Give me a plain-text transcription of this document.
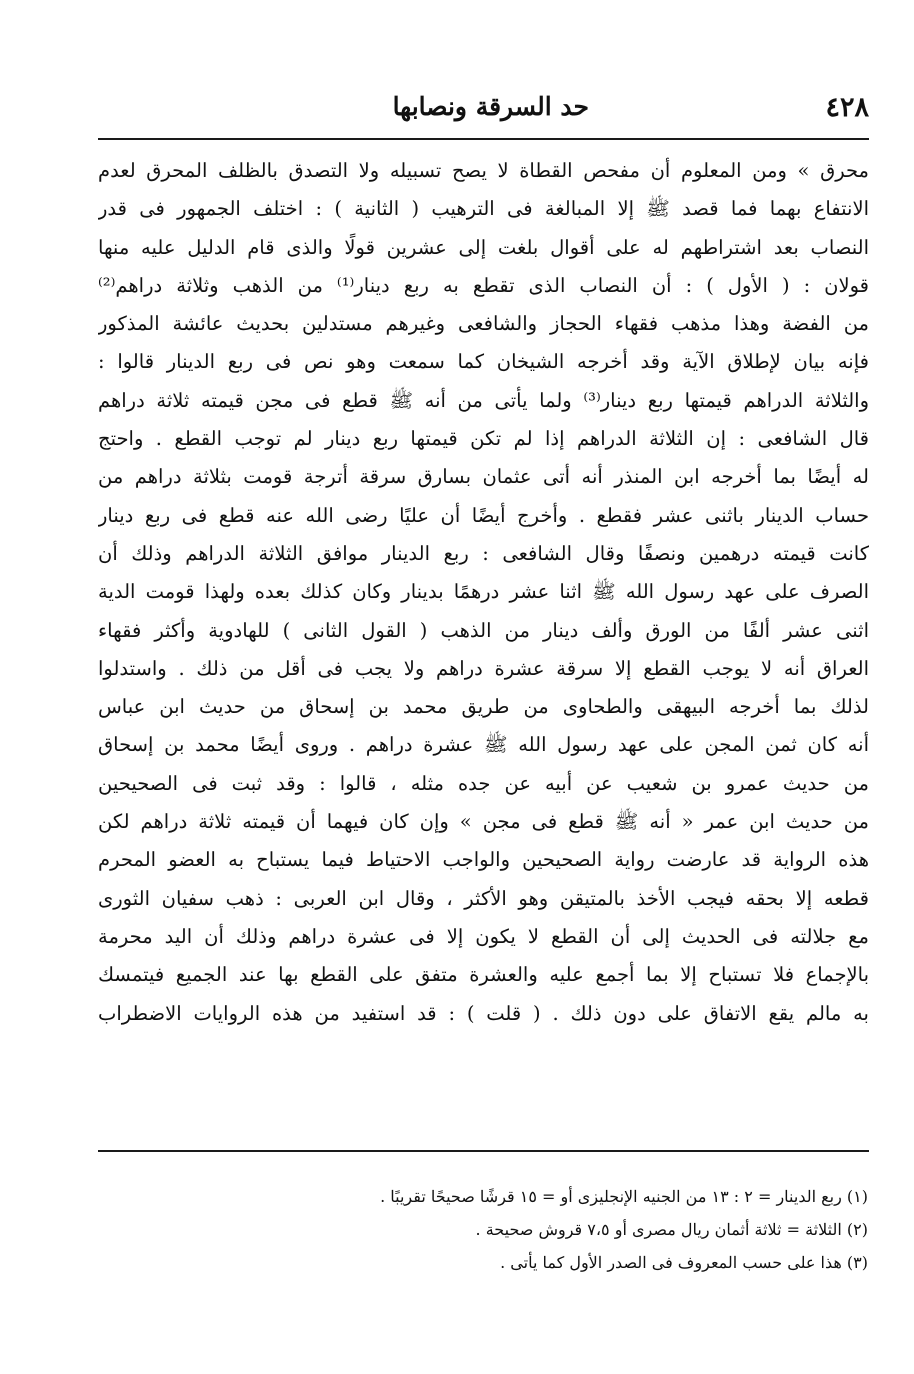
٤٢٨
حد السرقة ونصابها
محرق » ومن المعلوم أن مفحص القطاة لا يصح تسبيله ولا التصدق بالظلف المحرق لعدم
الانتفاع بهما فما قصد ﷺ إلا المبالغة فى الترهيب ( الثانية ) : اختلف الجمهور فى قدر
النصاب بعد اشتراطهم له على أقوال بلغت إلى عشرين قولًا والذى قام الدليل عليه منها
قولان : ( الأول ) : أن النصاب الذى تقطع به ربع دينار⁽¹⁾ من الذهب وثلاثة دراهم⁽²⁾
من الفضة وهذا مذهب فقهاء الحجاز والشافعى وغيرهم مستدلين بحديث عائشة المذكور
فإنه بيان لإطلاق الآية وقد أخرجه الشيخان كما سمعت وهو نص فى ربع الدينار قالوا :
والثلاثة الدراهم قيمتها ربع دينار⁽³⁾ ولما يأتى من أنه ﷺ قطع فى مجن قيمته ثلاثة دراهم
قال الشافعى : إن الثلاثة الدراهم إذا لم تكن قيمتها ربع دينار لم توجب القطع . واحتج
له أيضًا بما أخرجه ابن المنذر أنه أتى عثمان بسارق سرقة أترجة قومت بثلاثة دراهم من
حساب الدينار باثنى عشر فقطع . وأخرج أيضًا أن عليًا رضى الله عنه قطع فى ربع دينار
كانت قيمته درهمين ونصفًا وقال الشافعى : ربع الدينار موافق الثلاثة الدراهم وذلك أن
الصرف على عهد رسول الله ﷺ اثنا عشر درهمًا بدينار وكان كذلك بعده ولهذا قومت الدية
اثنى عشر ألفًا من الورق وألف دينار من الذهب ( القول الثانى ) للهادوية وأكثر فقهاء
العراق أنه لا يوجب القطع إلا سرقة عشرة دراهم ولا يجب فى أقل من ذلك . واستدلوا
لذلك بما أخرجه البيهقى والطحاوى من طريق محمد بن إسحاق من حديث ابن عباس
أنه كان ثمن المجن على عهد رسول الله ﷺ عشرة دراهم . وروى أيضًا محمد بن إسحاق
من حديث عمرو بن شعيب عن أبيه عن جده مثله ، قالوا : وقد ثبت فى الصحيحين
من حديث ابن عمر « أنه ﷺ قطع فى مجن » وإن كان فيهما أن قيمته ثلاثة دراهم لكن
هذه الرواية قد عارضت رواية الصحيحين والواجب الاحتياط فيما يستباح به العضو المحرم
قطعه إلا بحقه فيجب الأخذ بالمتيقن وهو الأكثر ، وقال ابن العربى : ذهب سفيان الثورى
مع جلالته فى الحديث إلى أن القطع لا يكون إلا فى عشرة دراهم وذلك أن اليد محرمة
بالإجماع فلا تستباح إلا بما أجمع عليه والعشرة متفق على القطع بها عند الجميع فيتمسك
به مالم يقع الاتفاق على دون ذلك . ( قلت ) : قد استفيد من هذه الروايات الاضطراب
(١) ربع الدينار = ٢ : ١٣ من الجنيه الإنجليزى أو = ١٥ قرشًا صحيحًا تقريبًا .
(٢) الثلاثة = ثلاثة أثمان ريال مصرى أو ٧،٥ قروش صحيحة .
(٣) هذا على حسب المعروف فى الصدر الأول كما يأتى .
